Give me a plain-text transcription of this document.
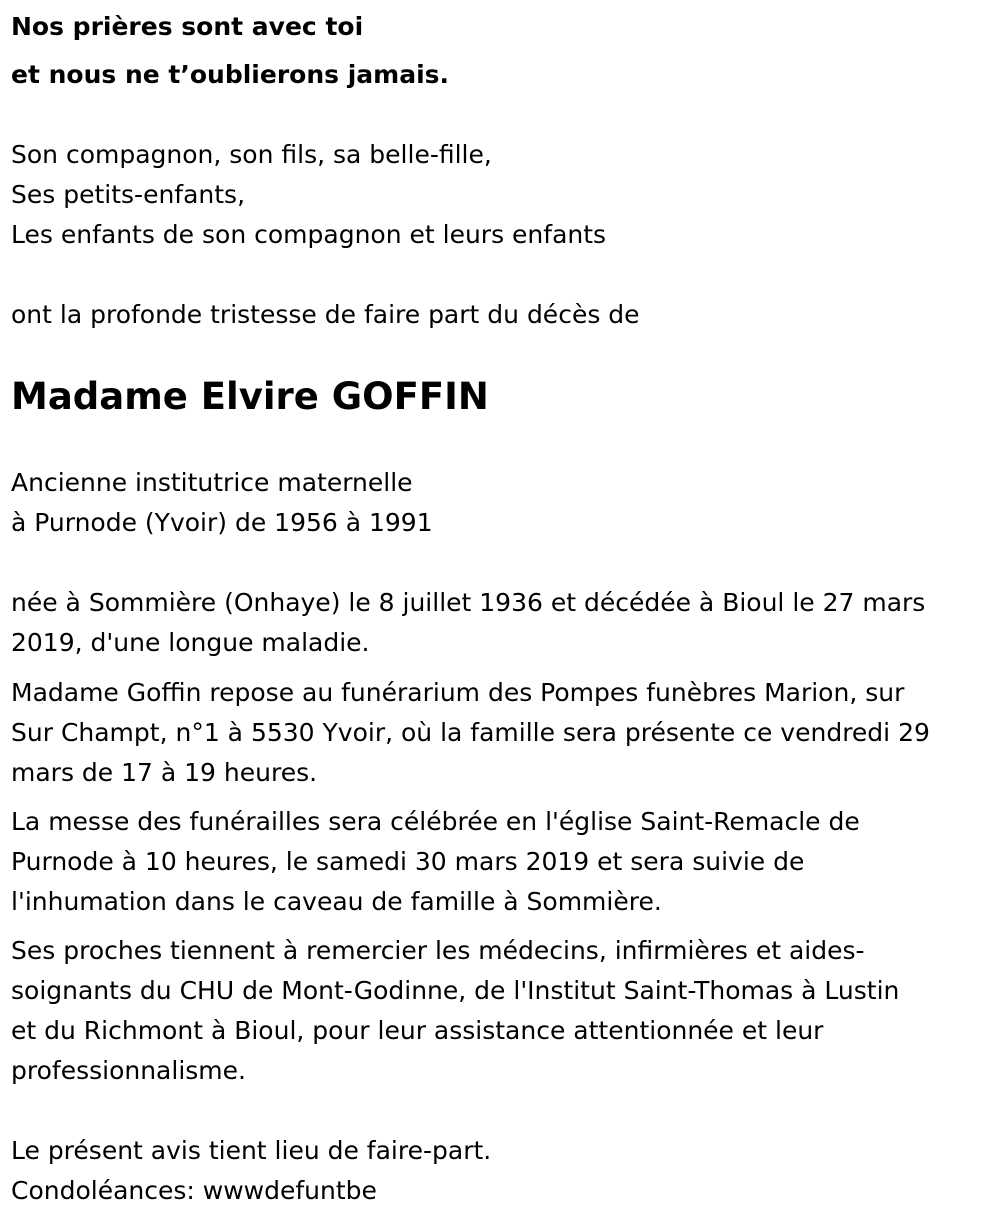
Nos prières sont avec toi

et nous ne t’oublierons jamais.

Son compagnon, son fils, sa belle-fille,

Ses petits-enfants,

Les enfants de son compagnon et leurs enfants

ont la profonde tristesse de faire part du décès de

Madame Elvire GOFFIN

Ancienne institutrice maternelle

à Purnode (Yvoir) de 1956 à 1991

née à Sommière (Onhaye) le 8 juillet 1936 et décédée à Bioul le 27 mars

2019, d'une longue maladie.

Madame Goffin repose au funérarium des Pompes funèbres Marion, sur

Sur Champt, n°1 à 5530 Yvoir, où la famille sera présente ce vendredi 29

mars de 17 à 19 heures.

La messe des funérailles sera célébrée en l'église Saint-Remacle de

Purnode à 10 heures, le samedi 30 mars 2019 et sera suivie de

l'inhumation dans le caveau de famille à Sommière.

Ses proches tiennent à remercier les médecins, infirmières et aides-

soignants du CHU de Mont-Godinne, de l'Institut Saint-Thomas à Lustin

et du Richmont à Bioul, pour leur assistance attentionnée et leur

professionnalisme.

Le présent avis tient lieu de faire-part.

Condoléances: wwwdefuntbe
